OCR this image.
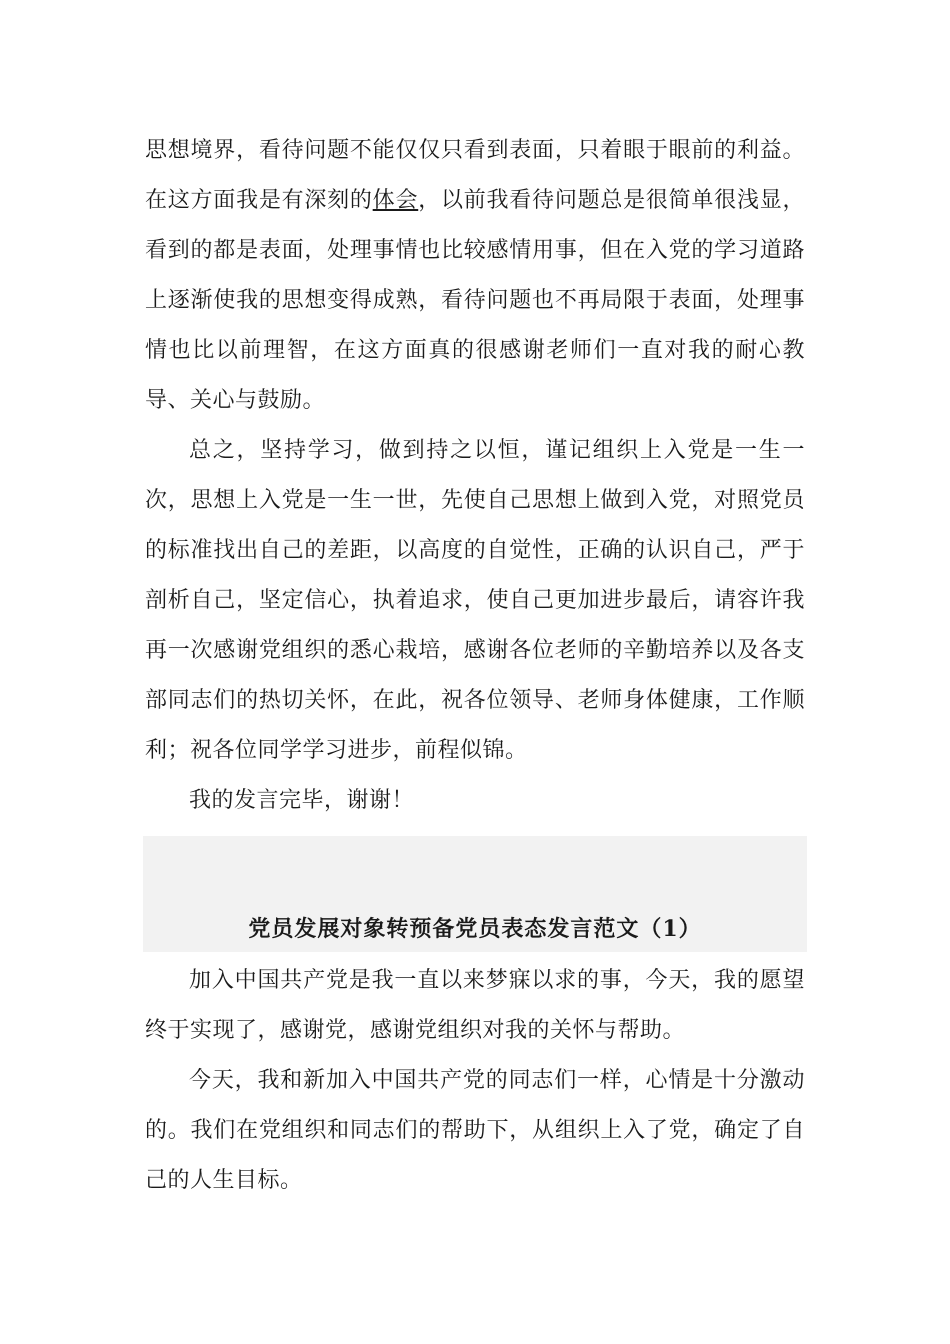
思想境界，看待问题不能仅仅只看到表面，只着眼于眼前的利益。
在这方面我是有深刻的体会，以前我看待问题总是很简单很浅显，
看到的都是表面，处理事情也比较感情用事，但在入党的学习道路
上逐渐使我的思想变得成熟，看待问题也不再局限于表面，处理事
情也比以前理智，在这方面真的很感谢老师们一直对我的耐心教
导、关心与鼓励。
总之，坚持学习，做到持之以恒，谨记组织上入党是一生一
次，思想上入党是一生一世，先使自己思想上做到入党，对照党员
的标准找出自己的差距，以高度的自觉性，正确的认识自己，严于
剖析自己，坚定信心，执着追求，使自己更加进步最后，请容许我
再一次感谢党组织的悉心栽培，感谢各位老师的辛勤培养以及各支
部同志们的热切关怀，在此，祝各位领导、老师身体健康，工作顺
利；祝各位同学学习进步，前程似锦。
我的发言完毕，谢谢！
党员发展对象转预备党员表态发言范文（1）
加入中国共产党是我一直以来梦寐以求的事，今天，我的愿望
终于实现了，感谢党，感谢党组织对我的关怀与帮助。
今天，我和新加入中国共产党的同志们一样，心情是十分激动
的。我们在党组织和同志们的帮助下，从组织上入了党，确定了自
己的人生目标。
